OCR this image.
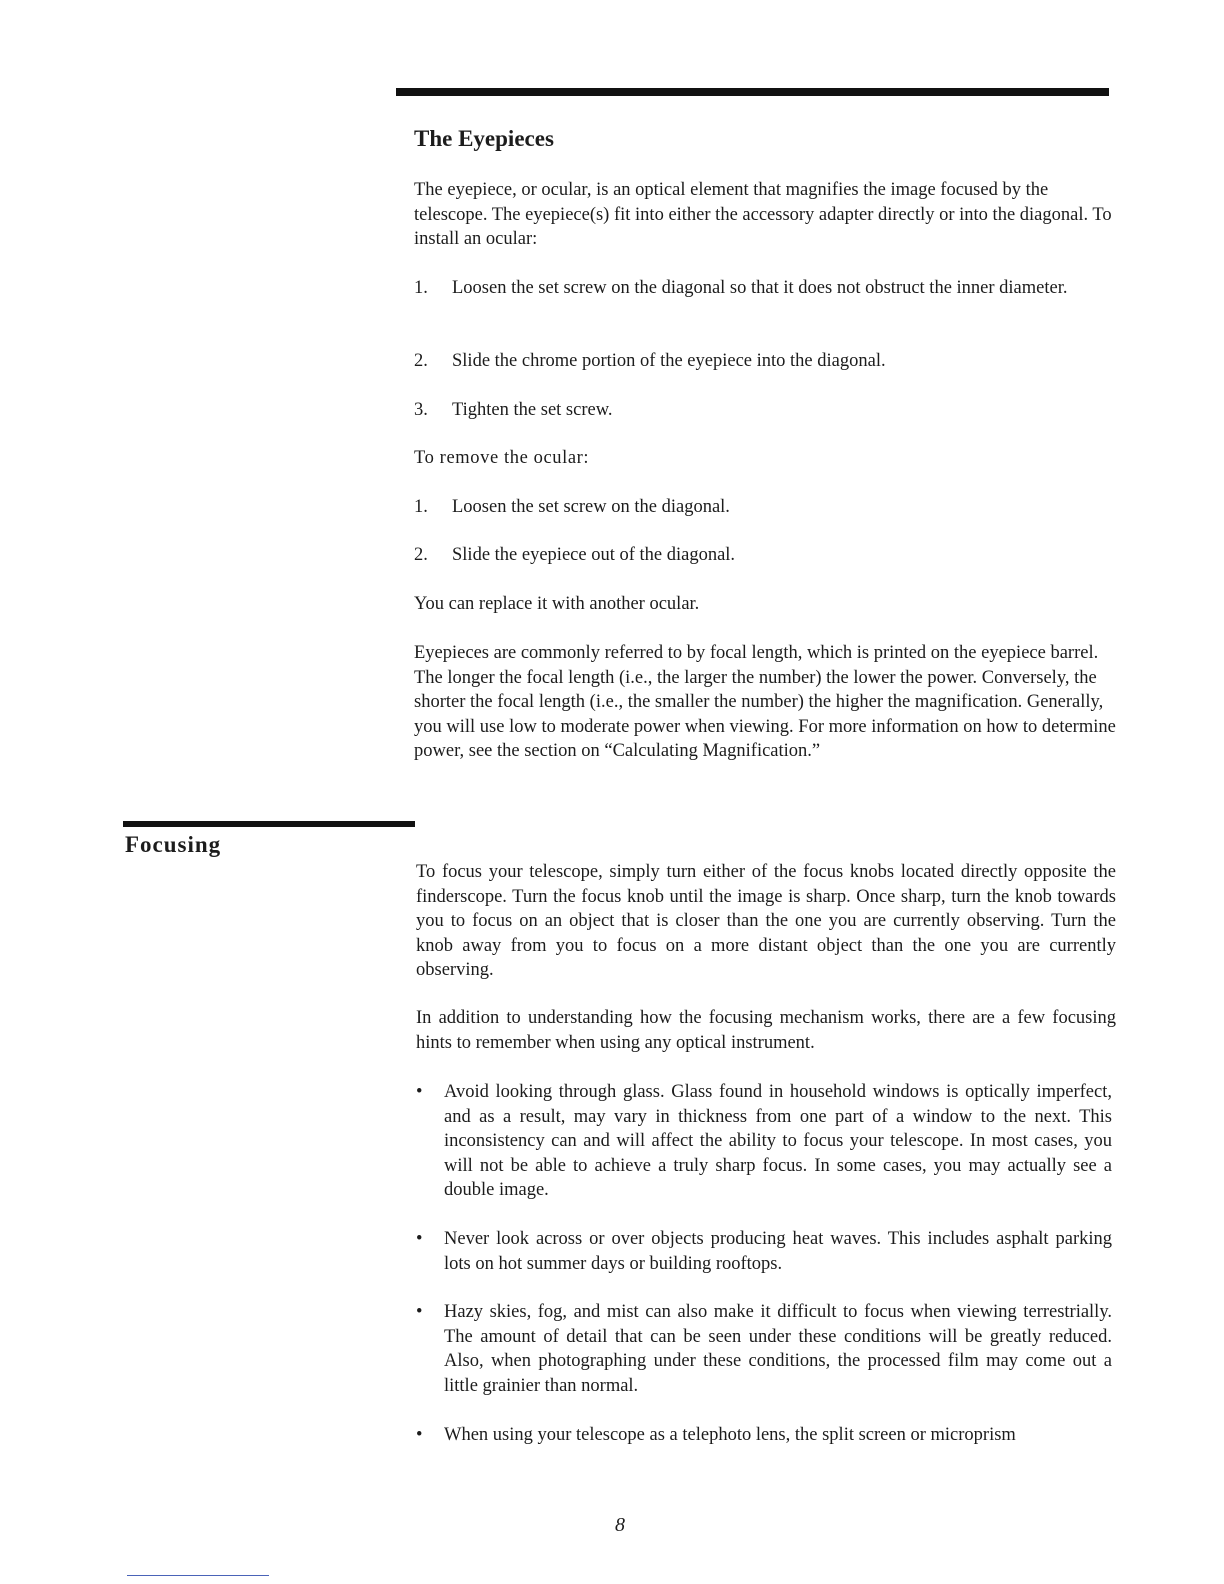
The Eyepieces

The eyepiece, or ocular, is an optical element that magnifies the image focused by the telescope. The eyepiece(s) fit into either the accessory adapter directly or into the diagonal. To install an ocular:

1.	Loosen the set screw on the diagonal so that it does not obstruct the inner diameter.
2.	Slide the chrome portion of the eyepiece into the diagonal.
3.	Tighten the set screw.

To remove the ocular:

1.	Loosen the set screw on the diagonal.
2.	Slide the eyepiece out of the diagonal.

You can replace it with another ocular.

Eyepieces are commonly referred to by focal length, which is printed on the eyepiece barrel. The longer the focal length (i.e., the larger the number) the lower the power. Conversely, the shorter the focal length (i.e., the smaller the number) the higher the magnification. Generally, you will use low to moderate power when viewing. For more information on how to determine power, see the section on “Calculating Magnification.”

Focusing

To focus your telescope, simply turn either of the focus knobs located directly opposite the finderscope. Turn the focus knob until the image is sharp. Once sharp, turn the knob towards you to focus on an object that is closer than the one you are currently observing. Turn the knob away from you to focus on a more distant object than the one you are currently observing.

In addition to understanding how the focusing mechanism works, there are a few focusing hints to remember when using any optical instrument.

•	Avoid looking through glass. Glass found in household windows is optically imperfect, and as a result, may vary in thickness from one part of a window to the next. This inconsistency can and will affect the ability to focus your telescope. In most cases, you will not be able to achieve a truly sharp focus. In some cases, you may actually see a double image.
•	Never look across or over objects producing heat waves. This includes asphalt parking lots on hot summer days or building rooftops.
•	Hazy skies, fog, and mist can also make it difficult to focus when viewing terrestrially. The amount of detail that can be seen under these conditions will be greatly reduced. Also, when photographing under these conditions, the processed film may come out a little grainier than normal.
•	When using your telescope as a telephoto lens, the split screen or microprism
8
